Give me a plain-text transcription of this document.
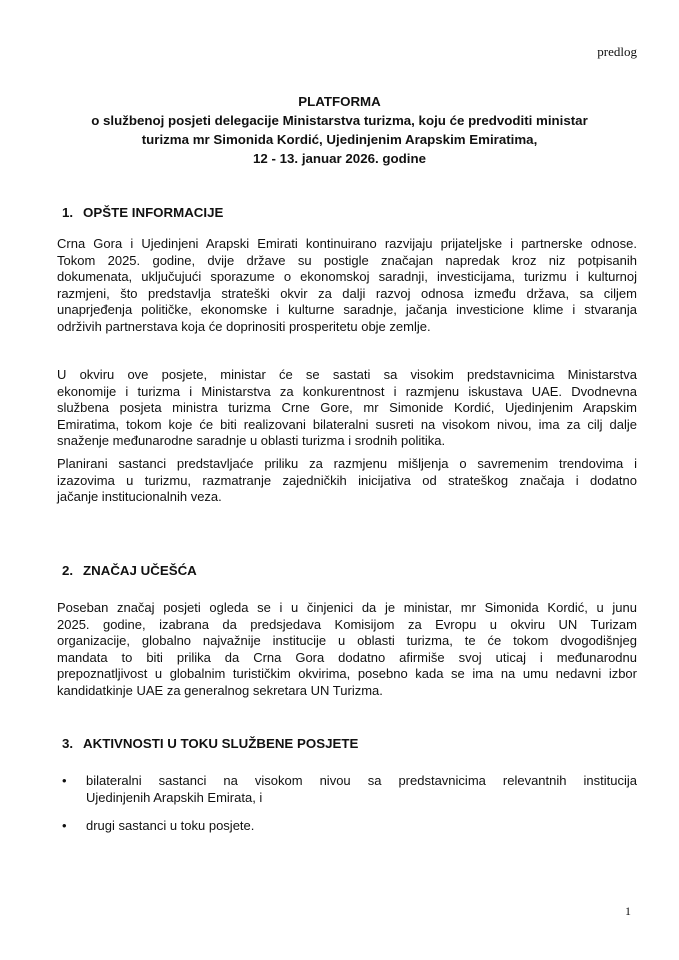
predlog
PLATFORMA
o službenoj posjeti delegacije Ministarstva turizma, koju će predvoditi ministar
turizma mr Simonida Kordić, Ujedinjenim Arapskim Emiratima,
12 - 13. januar 2026. godine
1. OPŠTE INFORMACIJE
Crna Gora i Ujedinjeni Arapski Emirati kontinuirano razvijaju prijateljske i partnerske odnose.
Tokom 2025. godine, dvije države su postigle značajan napredak kroz niz potpisanih
dokumenata, uključujući sporazume o ekonomskoj saradnji, investicijama, turizmu i kulturnoj
razmjeni, što predstavlja strateški okvir za dalji razvoj odnosa između država, sa ciljem
unaprjeđenja političke, ekonomske i kulturne saradnje, jačanja investicione klime i stvaranja
održivih partnerstava koja će doprinositi prosperitetu obje zemlje.
U okviru ove posjete, ministar će se sastati sa visokim predstavnicima Ministarstva
ekonomije i turizma i Ministarstva za konkurentnost i razmjenu iskustava UAE. Dvodnevna
službena posjeta ministra turizma Crne Gore, mr Simonide Kordić, Ujedinjenim Arapskim
Emiratima, tokom koje će biti realizovani bilateralni susreti na visokom nivou, ima za cilj dalje
snaženje međunarodne saradnje u oblasti turizma i srodnih politika.
Planirani sastanci predstavljaće priliku za razmjenu mišljenja o savremenim trendovima i
izazovima u turizmu, razmatranje zajedničkih inicijativa od strateškog značaja i dodatno
jačanje institucionalnih veza.
2. ZNAČAJ UČEŠĆA
Poseban značaj posjeti ogleda se i u činjenici da je ministar, mr Simonida Kordić, u junu
2025. godine, izabrana da predsjedava Komisijom za Evropu u okviru UN Turizam
organizacije, globalno najvažnije institucije u oblasti turizma, te će tokom dvogodišnjeg
mandata to biti prilika da Crna Gora dodatno afirmiše svoj uticaj i međunarodnu
prepoznatljivost u globalnim turističkim okvirima, posebno kada se ima na umu nedavni izbor
kandidatkinje UAE za generalnog sekretara UN Turizma.
3. AKTIVNOSTI U TOKU SLUŽBENE POSJETE
• bilateralni sastanci na visokom nivou sa predstavnicima relevantnih institucija
Ujedinjenih Arapskih Emirata, i
• drugi sastanci u toku posjete.
1
